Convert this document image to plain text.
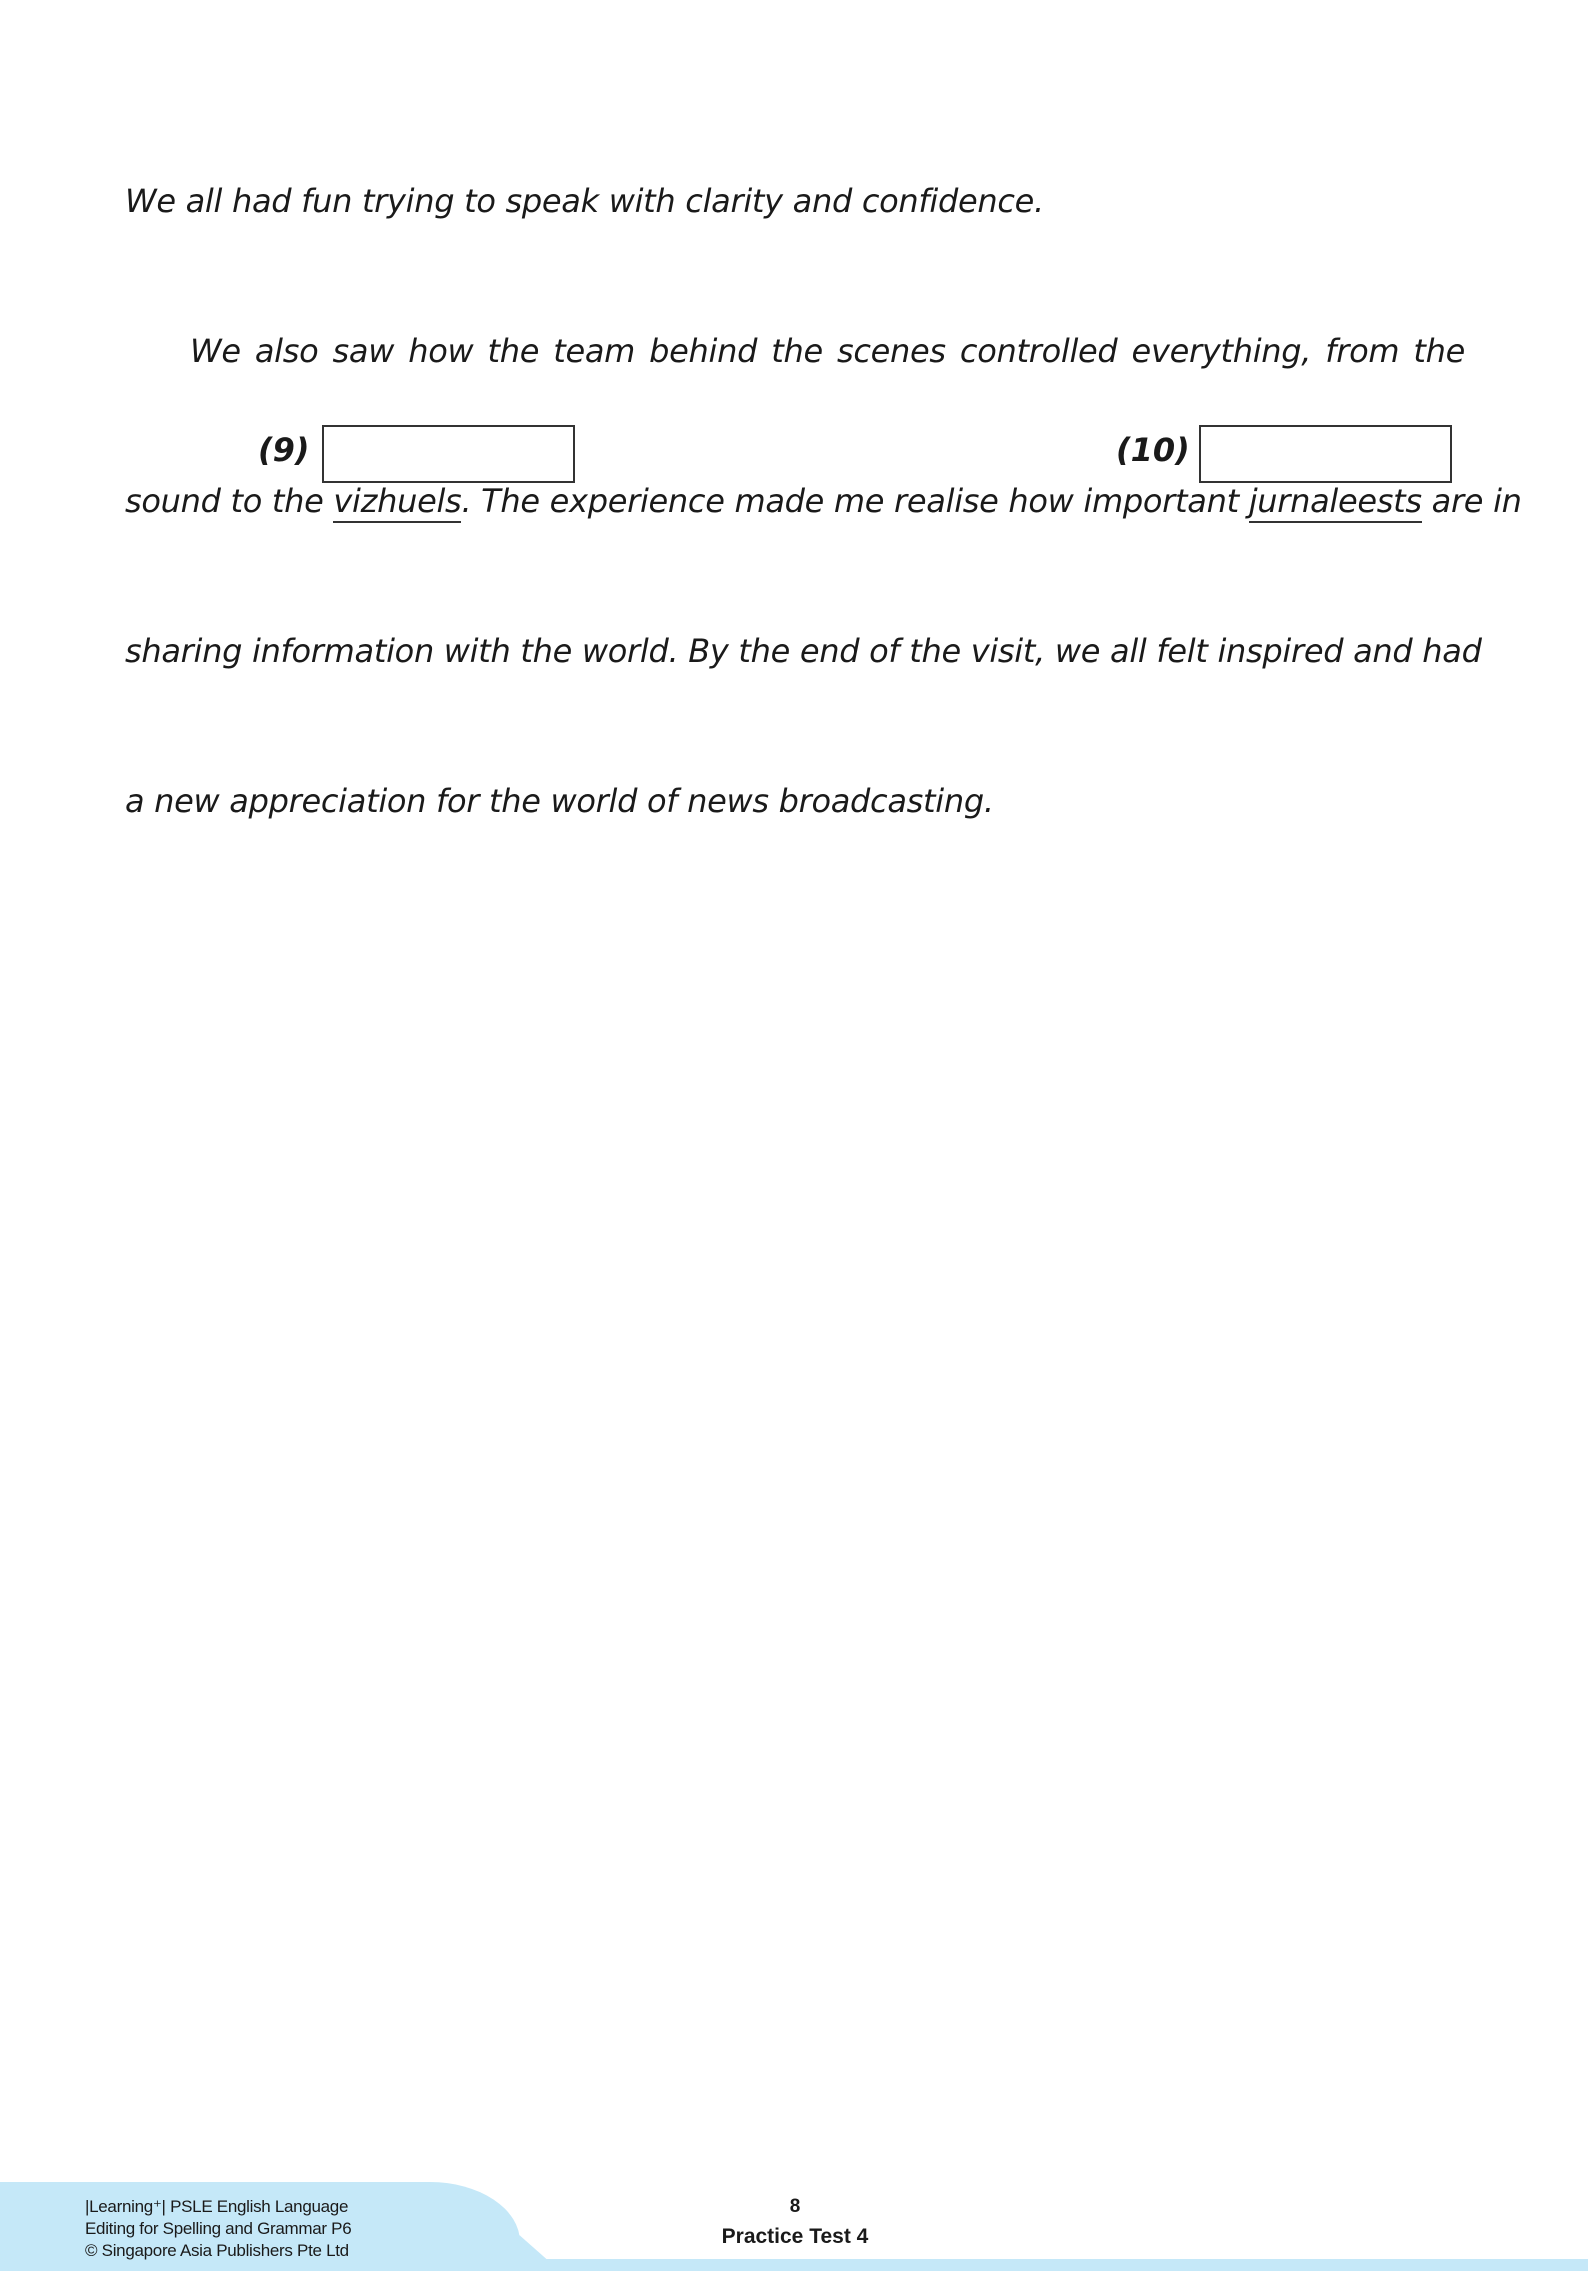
We all had fun trying to speak with clarity and confidence.
We also saw how the team behind the scenes controlled everything, from the
(9)	(10)
sound to the vizhuels. The experience made me realise how important jurnaleests are in
sharing information with the world. By the end of the visit, we all felt inspired and had
a new appreciation for the world of news broadcasting.
|Learning⁺| PSLE English Language
Editing for Spelling and Grammar P6
© Singapore Asia Publishers Pte Ltd
8
Practice Test 4
